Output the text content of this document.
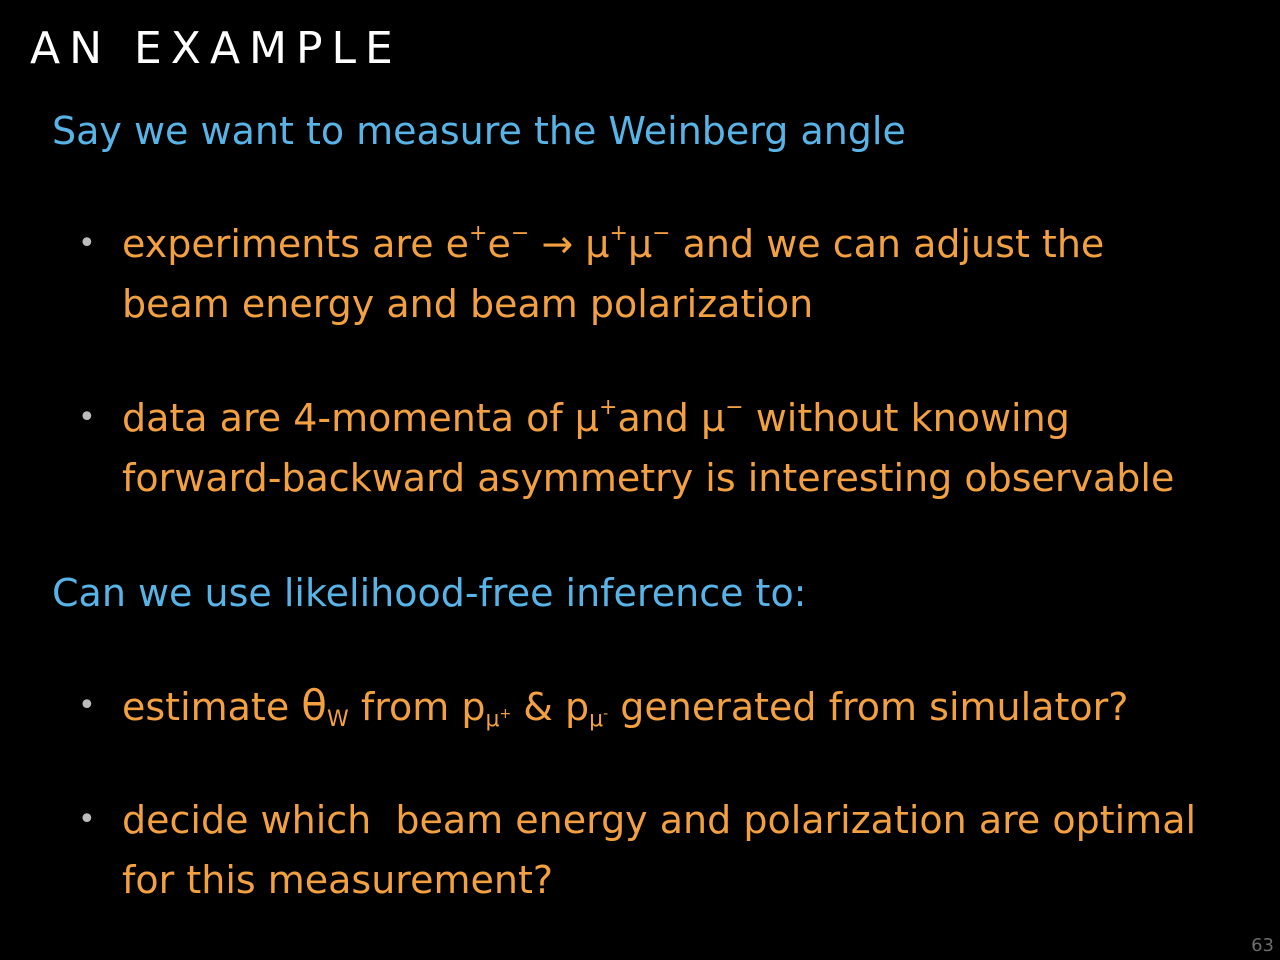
AN EXAMPLE

Say we want to measure the Weinberg angle

• experiments are e+e− → μ+μ− and we can adjust the
beam energy and beam polarization
• data are 4-momenta of μ+and μ− without knowing
forward-backward asymmetry is interesting observable

Can we use likelihood-free inference to:

• estimate $\theta_W$ from $p_{\mu^+}$ & $p_{\mu^-}$ generated from simulator?
• decide which  beam energy and polarization are optimal
for this measurement?
63
